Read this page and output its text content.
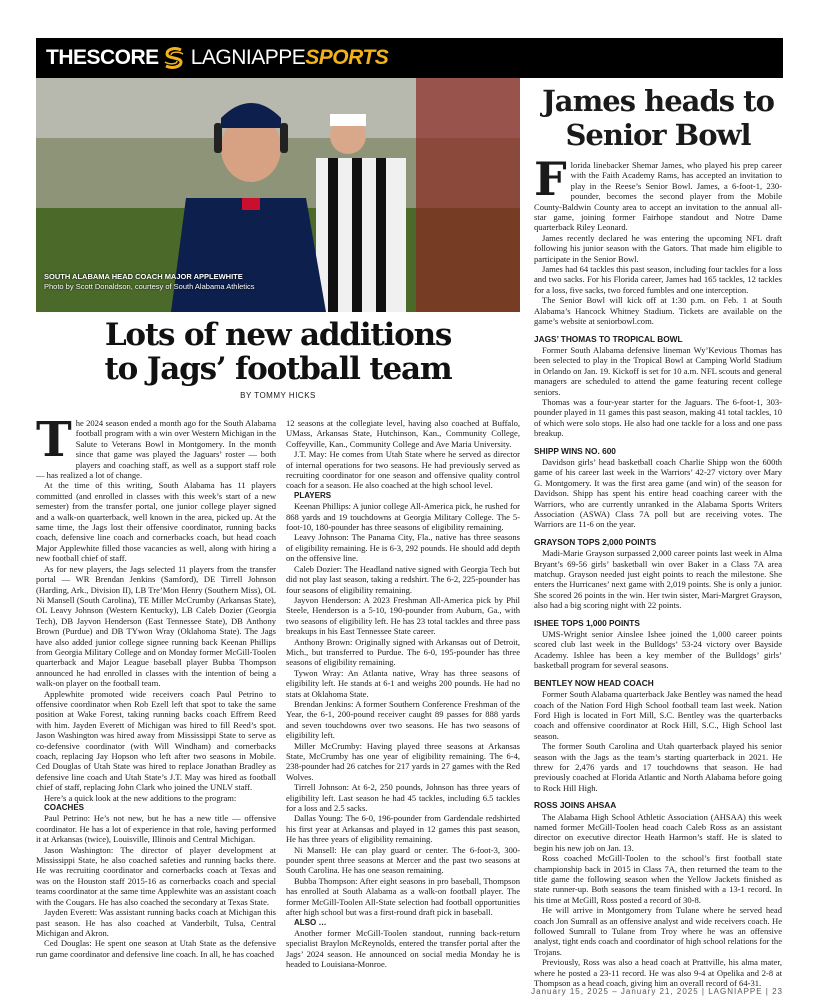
THESCORE LAGNIAPPE SPORTS
SOUTH ALABAMA HEAD COACH MAJOR APPLEWHITE
Photo by Scott Donaldson, courtesy of South Alabama Athletics
Lots of new additions to Jags’ football team
BY TOMMY HICKS
T he 2024 season ended a month ago for the South Alabama football program with a win over Western Michigan in the Salute to Veterans Bowl in Montgomery. In the month since that game was played the Jaguars’ roster — both players and coaching staff, as well as a support staff role — has realized a lot of change.

At the time of this writing, South Alabama has 11 players committed (and enrolled in classes with this week’s start of a new semester) from the transfer portal, one junior college player signed and a walk-on quarterback, well known in the area, picked up. At the same time, the Jags lost their offensive coordinator, running backs coach, defensive line coach and cornerbacks coach, but head coach Major Applewhite filled those vacancies as well, along with hiring a new football chief of staff.

As for new players, the Jags selected 11 players from the transfer portal — WR Brendan Jenkins (Samford), DE Tirrell Johnson (Harding, Ark., Division II), LB Tre’Mon Henry (Southern Miss), OL Ni Mansell (South Carolina), TE Miller McCrumby (Arkansas State), OL Leavy Johnson (Western Kentucky), LB Caleb Dozier (Georgia Tech), DB Jayvon Henderson (East Tennessee State), DB Anthony Brown (Purdue) and DB TYwon Wray (Oklahoma State). The Jags have also added junior college signee running back Keenan Phillips from Georgia Military College and on Monday former McGill-Toolen quarterback and Major League baseball player Bubba Thompson announced he had enrolled in classes with the intention of being a walk-on player on the football team.

Applewhite promoted wide receivers coach Paul Petrino to offensive coordinator when Rob Ezell left that spot to take the same position at Wake Forest, taking running backs coach Effrem Reed with him. Jayden Everett of Michigan was hired to fill Reed’s spot. Jason Washington was hired away from Mississippi State to serve as co-defensive coordinator (with Will Windham) and cornerbacks coach, replacing Jay Hopson who left after two seasons in Mobile. Ced Douglas of Utah State was hired to replace Jonathan Bradley as defensive line coach and Utah State’s J.T. May was hired as football chief of staff, replacing John Clark who joined the UNLV staff.

Here’s a quick look at the new additions to the program:

COACHES

Paul Petrino: He’s not new, but he has a new title — offensive coordinator. He has a lot of experience in that role, having performed it at Arkansas (twice), Louisville, Illinois and Central Michigan.

Jason Washington: The director of player development at Mississippi State, he also coached safeties and running backs there. He was recruiting coordinator and cornerbacks coach at Texas and was on the Houston staff 2015-16 as cornerbacks coach and special teams coordinator at the same time Applewhite was an assistant coach with the Cougars. He has also coached the secondary at Texas State.

Jayden Everett: Was assistant running backs coach at Michigan this past season. He has also coached at Vanderbilt, Tulsa, Central Michigan and Akron.

Ced Douglas: He spent one season at Utah State as the defensive run game coordinator and defensive line coach. In all, he has coached

12 seasons at the collegiate level, having also coached at Buffalo, UMass, Arkansas State, Hutchinson, Kan., Community College, Coffeyville, Kan., Community College and Ave Maria University.

J.T. May: He comes from Utah State where he served as director of internal operations for two seasons. He had previously served as recruiting coordinator for one season and offensive quality control coach for a season. He also coached at the high school level.

PLAYERS

Keenan Phillips: A junior college All-America pick, he rushed for 868 yards and 19 touchdowns at Georgia Military College. The 5-foot-10, 180-pounder has three seasons of eligibility remaining.

Leavy Johnson: The Panama City, Fla., native has three seasons of eligibility remaining. He is 6-3, 292 pounds. He should add depth on the offensive line.

Caleb Dozier: The Headland native signed with Georgia Tech but did not play last season, taking a redshirt. The 6-2, 225-pounder has four seasons of eligibility remaining.

Jayvon Henderson: A 2023 Freshman All-America pick by Phil Steele, Henderson is a 5-10, 190-pounder from Auburn, Ga., with two seasons of eligibility left. He has 23 total tackles and three pass breakups in his East Tennessee State career.

Anthony Brown: Originally signed with Arkansas out of Detroit, Mich., but transferred to Purdue. The 6-0, 195-pounder has three seasons of eligibility remaining.

Tywon Wray: An Atlanta native, Wray has three seasons of eligibility left. He stands at 6-1 and weighs 200 pounds. He had no stats at Oklahoma State.

Brendan Jenkins: A former Southern Conference Freshman of the Year, the 6-1, 200-pound receiver caught 89 passes for 888 yards and seven touchdowns over two seasons. He has two seasons of eligibility left.

Miller McCrumby: Having played three seasons at Arkansas State, McCrumby has one year of eligibility remaining. The 6-4, 238-pounder had 26 catches for 217 yards in 27 games with the Red Wolves.

Tirrell Johnson: At 6-2, 250 pounds, Johnson has three years of eligibility left. Last season he had 45 tackles, including 6.5 tackles for a loss and 2.5 sacks.

Dallas Young: The 6-0, 196-pounder from Gardendale redshirted his first year at Arkansas and played in 12 games this past season, He has three years of eligibility remaining.

Ni Mansell: He can play guard or center. The 6-foot-3, 300-pounder spent three seasons at Mercer and the past two seasons at South Carolina. He has one season remaining.

Bubba Thompson: After eight seasons in pro baseball, Thompson has enrolled at South Alabama as a walk-on football player. The former McGill-Toolen All-State selection had football opportunities after high school but was a first-round draft pick in baseball.

ALSO …

Another former McGill-Toolen standout, running back-return specialist Braylon McReynolds, entered the transfer portal after the Jags’ 2024 season. He announced on social media Monday he is headed to Louisiana-Monroe.

James heads to Senior Bowl
F lorida linebacker Shemar James, who played his prep career with the Faith Academy Rams, has accepted an invitation to play in the Reese’s Senior Bowl. James, a 6-foot-1, 230-pounder, becomes the second player from the Mobile County-Baldwin County area to accept an invitation to the annual all-star game, joining former Fairhope standout and Notre Dame quarterback Riley Leonard.

James recently declared he was entering the upcoming NFL draft following his junior season with the Gators. That made him eligible to participate in the Senior Bowl.

James had 64 tackles this past season, including four tackles for a loss and two sacks. For his Florida career, James had 165 tackles, 12 tackles for a loss, five sacks, two forced fumbles and one interception.

The Senior Bowl will kick off at 1:30 p.m. on Feb. 1 at South Alabama’s Hancock Whitney Stadium. Tickets are available on the game’s website at seniorbowl.com.

JAGS’ THOMAS TO TROPICAL BOWL

Former South Alabama defensive lineman Wy’Kevious Thomas has been selected to play in the Tropical Bowl at Camping World Stadium in Orlando on Jan. 19. Kickoff is set for 10 a.m. NFL scouts and general managers are scheduled to attend the game featuring recent college seniors.

Thomas was a four-year starter for the Jaguars. The 6-foot-1, 303-pounder played in 11 games this past season, making 41 total tackles, 10 of which were solo stops. He also had one tackle for a loss and one pass breakup.

SHIPP WINS NO. 600

Davidson girls’ head basketball coach Charlie Shipp won the 600th game of his career last week in the Warriors’ 42-27 victory over Mary G. Montgomery. It was the first area game (and win) of the season for Davidson. Shipp has spent his entire head coaching career with the Warriors, who are currently unranked in the Alabama Sports Writers Association (ASWA) Class 7A poll but are receiving votes. The Warriors are 11-6 on the year.

GRAYSON TOPS 2,000 POINTS

Madi-Marie Grayson surpassed 2,000 career points last week in Alma Bryant’s 69-56 girls’ basketball win over Baker in a Class 7A area matchup. Grayson needed just eight points to reach the milestone. She enters the Hurricanes’ next game with 2,019 points. She is only a junior. She scored 26 points in the win. Her twin sister, Mari-Margret Grayson, also had a big scoring night with 22 points.

ISHEE TOPS 1,000 POINTS

UMS-Wright senior Ainslee Ishee joined the 1,000 career points scored club last week in the Bulldogs’ 53-24 victory over Bayside Academy. Ishlee has been a key member of the Bulldogs’ girls’ basketball program for several seasons.

BENTLEY NOW HEAD COACH

Former South Alabama quarterback Jake Bentley was named the head coach of the Nation Ford High School football team last week. Nation Ford High is located in Fort Mill, S.C. Bentley was the quarterbacks coach and offensive coordinator at Rock Hill, S.C., High School last season.

The former South Carolina and Utah quarterback played his senior season with the Jags as the team’s starting quarterback in 2021. He threw for 2,476 yards and 17 touchdowns that season. He had previously coached at Florida Atlantic and North Alabama before going to Rock Hill High.

ROSS JOINS AHSAA

The Alabama High School Athletic Association (AHSAA) this week named former McGill-Toolen head coach Caleb Ross as an assistant director on executive director Heath Harmon’s staff. He is slated to begin his new job on Jan. 13.

Ross coached McGill-Toolen to the school’s first football state championship back in 2015 in Class 7A, then returned the team to the title game the following season when the Yellow Jackets finished as state runner-up. Both seasons the team finished with a 13-1 record. In his time at McGill, Ross posted a record of 30-8.

He will arrive in Montgomery from Tulane where he served head coach Jon Sumrall as an offensive analyst and wide receivers coach. He followed Sumrall to Tulane from Troy where he was an offensive analyst, tight ends coach and coordinator of high school relations for the Trojans.

Previously, Ross was also a head coach at Prattville, his alma mater, where he posted a 23-11 record. He was also 9-4 at Opelika and 2-8 at Thompson as a head coach, giving him an overall record of 64-31.

January 15, 2025 – January 21, 2025 | LAGNIAPPE | 23
